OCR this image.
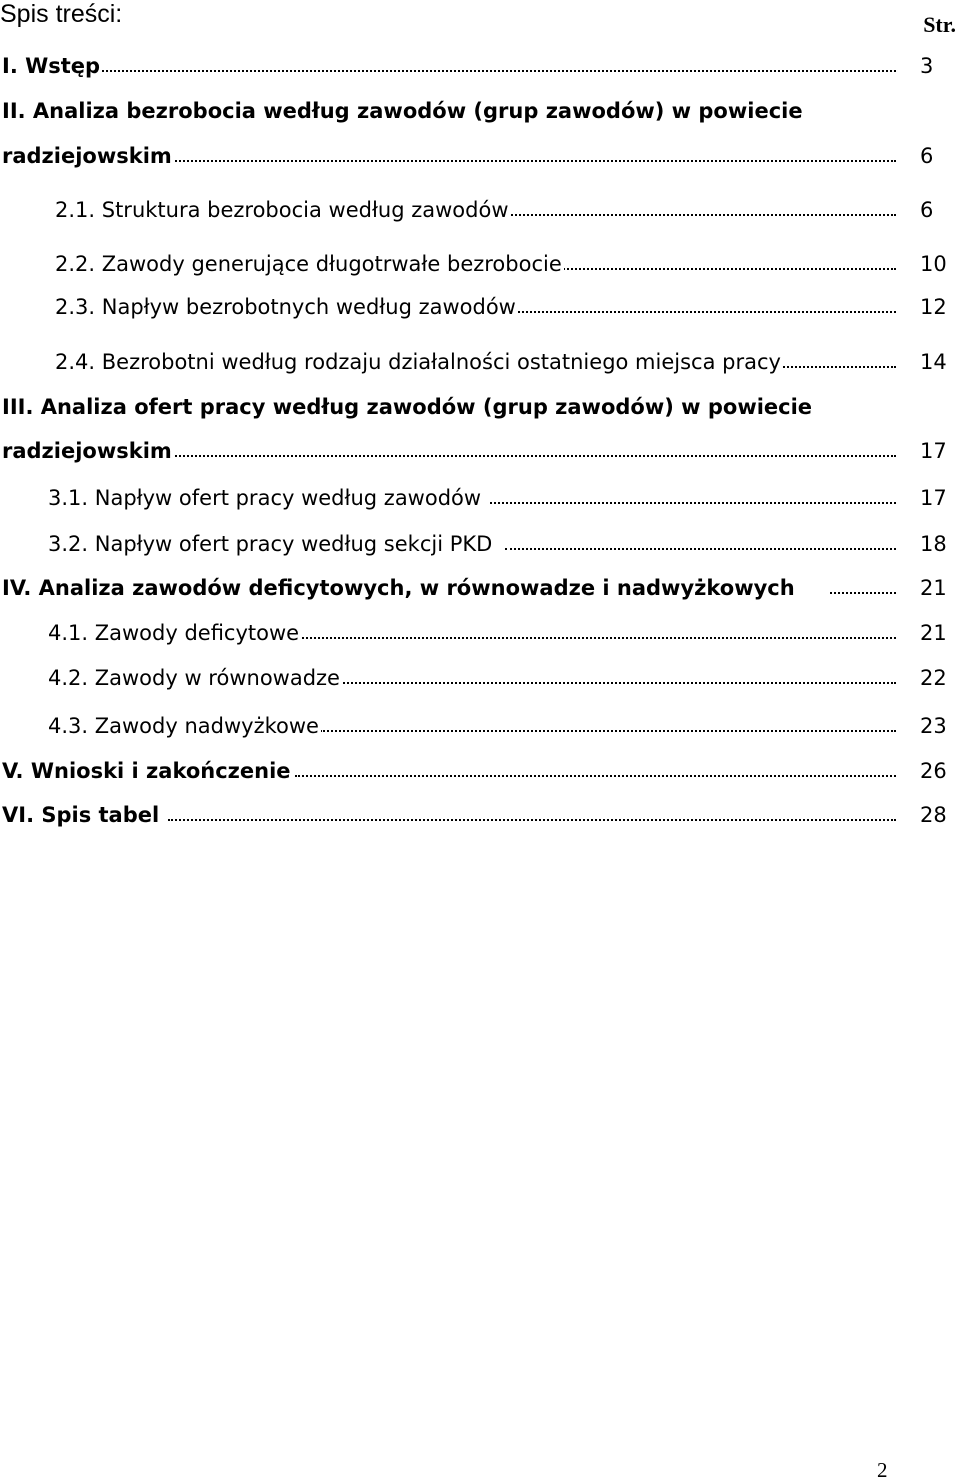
Spis treści:	Str.
I. Wstęp	3
II. Analiza bezrobocia według zawodów (grup zawodów) w powiecie
radziejowskim	6
2.1. Struktura bezrobocia według zawodów	6
2.2. Zawody generujące długotrwałe bezrobocie	10
2.3. Napływ bezrobotnych według zawodów	12
2.4. Bezrobotni według rodzaju działalności ostatniego miejsca pracy	14
III. Analiza ofert pracy według zawodów (grup zawodów) w powiecie
radziejowskim	17
3.1. Napływ ofert pracy według zawodów	17
3.2. Napływ ofert pracy według sekcji PKD	18
IV. Analiza zawodów deficytowych, w równowadze i nadwyżkowych	21
4.1. Zawody deficytowe	21
4.2. Zawody w równowadze	22
4.3. Zawody nadwyżkowe	23
V. Wnioski i zakończenie	26
VI. Spis tabel	28
2
